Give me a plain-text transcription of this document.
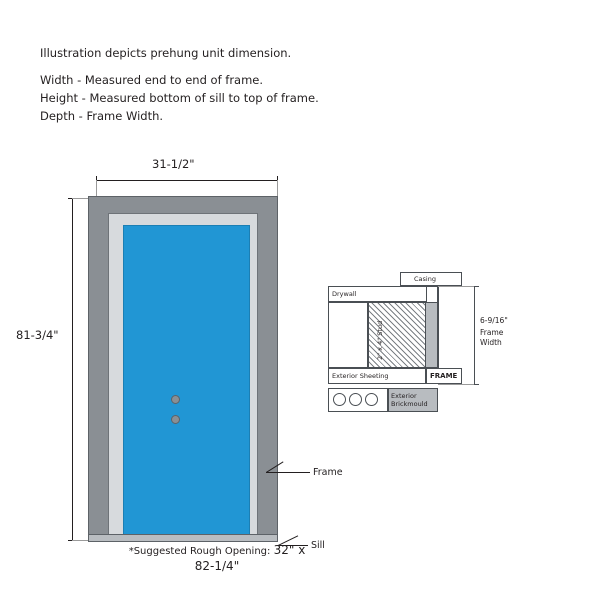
Illustration depicts prehung unit dimension.
Width - Measured end to end of frame.
Height - Measured bottom of sill to top of frame.
Depth - Frame Width.
31-1/2"
81-3/4"
Frame
Sill
*Suggested Rough Opening: 32" x 82-1/4"
Casing
Drywall
2" x 4" Stud
Exterior Sheeting	FRAME
Exterior
Brickmould
6-9/16"
Frame
Width
